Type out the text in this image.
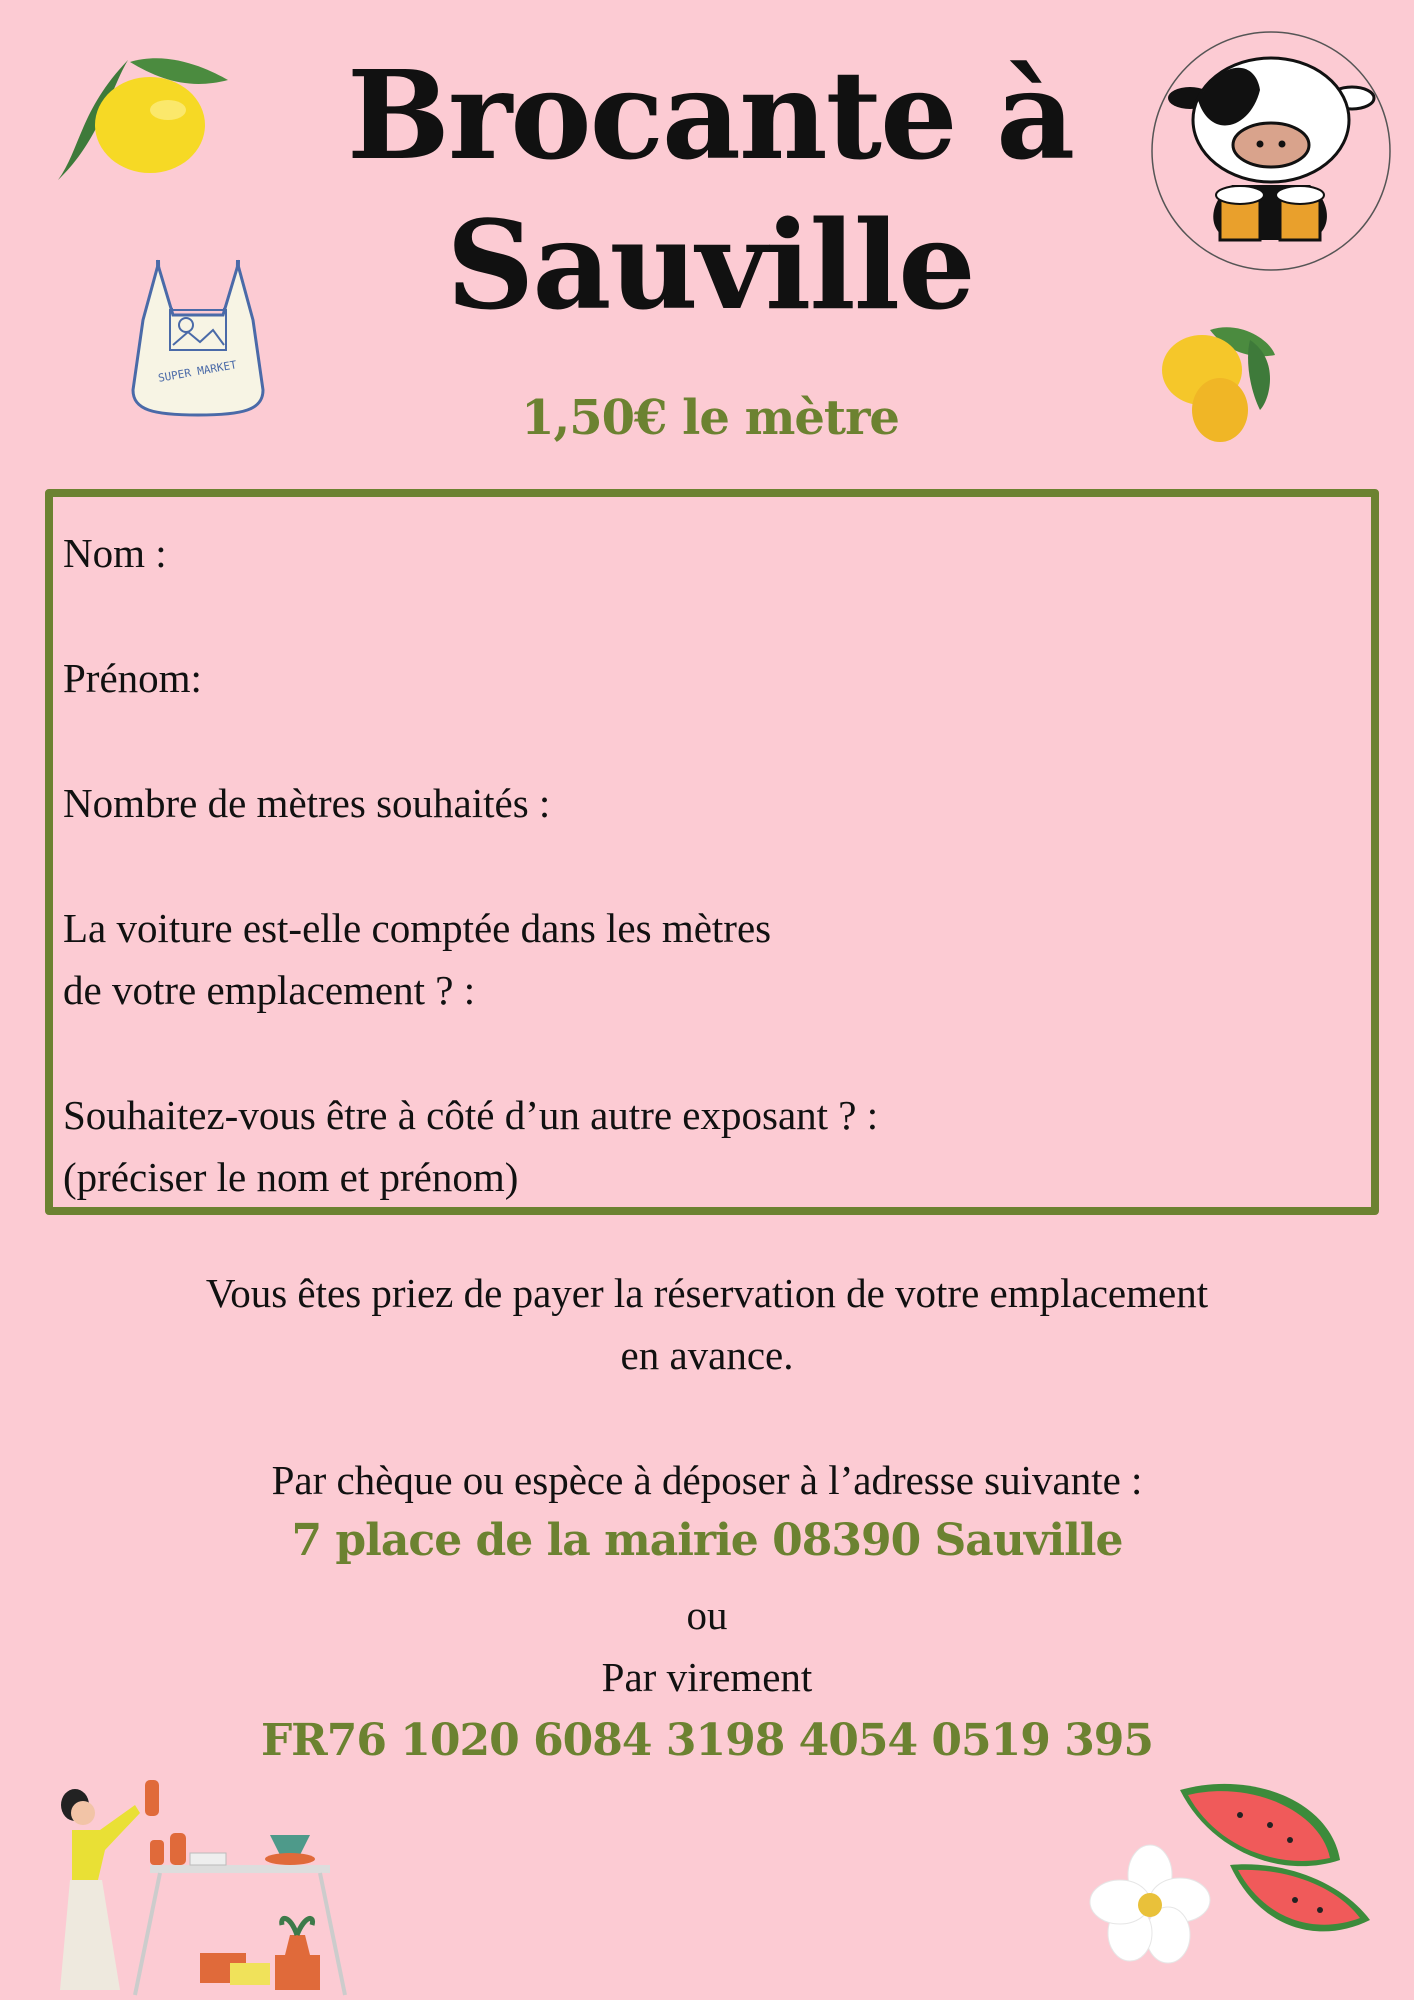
Brocante à Sauville
1,50€ le mètre
SUPER MARKET
Nom :
Prénom:
Nombre de mètres souhaités :
La voiture est-elle comptée dans les mètres
de votre emplacement ? :
Souhaitez-vous être à côté d’un autre exposant ? :
(préciser le nom et prénom)
Vous êtes priez de payer la réservation de votre emplacement
en avance.
Par chèque ou espèce à déposer à l’adresse suivante :
7 place de la mairie 08390 Sauville
ou
Par virement
FR76 1020 6084 3198 4054 0519 395
